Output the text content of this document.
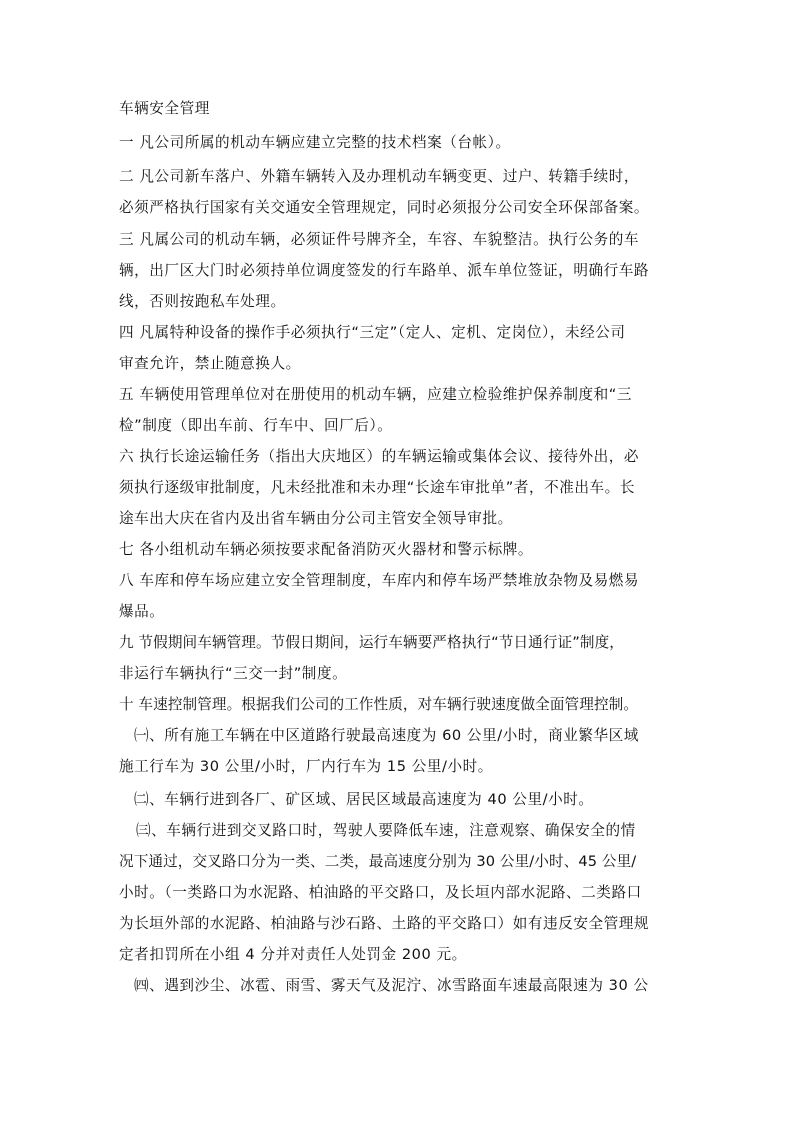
车辆安全管理
一 凡公司所属的机动车辆应建立完整的技术档案（台帐）。
二 凡公司新车落户、外籍车辆转入及办理机动车辆变更、过户、转籍手续时，
必须严格执行国家有关交通安全管理规定，同时必须报分公司安全环保部备案。
三 凡属公司的机动车辆，必须证件号牌齐全，车容、车貌整洁。执行公务的车
辆，出厂区大门时必须持单位调度签发的行车路单、派车单位签证，明确行车路
线，否则按跑私车处理。
四 凡属特种设备的操作手必须执行“三定”（定人、定机、定岗位），未经公司
审查允许，禁止随意换人。
五 车辆使用管理单位对在册使用的机动车辆，应建立检验维护保养制度和“三
检”制度（即出车前、行车中、回厂后）。
六 执行长途运输任务（指出大庆地区）的车辆运输或集体会议、接待外出，必
须执行逐级审批制度，凡未经批准和未办理“长途车审批单”者，不准出车。长
途车出大庆在省内及出省车辆由分公司主管安全领导审批。
七 各小组机动车辆必须按要求配备消防灭火器材和警示标牌。
八 车库和停车场应建立安全管理制度，车库内和停车场严禁堆放杂物及易燃易
爆品。
九 节假期间车辆管理。节假日期间，运行车辆要严格执行“节日通行证”制度，
非运行车辆执行“三交一封”制度。
十 车速控制管理。根据我们公司的工作性质，对车辆行驶速度做全面管理控制。
㈠、所有施工车辆在中区道路行驶最高速度为 60 公里/小时，商业繁华区域
施工行车为 30 公里/小时，厂内行车为 15 公里/小时。
㈡、车辆行进到各厂、矿区域、居民区域最高速度为 40 公里/小时。
㈢、车辆行进到交叉路口时，驾驶人要降低车速，注意观察、确保安全的情
况下通过，交叉路口分为一类、二类，最高速度分别为 30 公里/小时、45 公里/
小时。（一类路口为水泥路、柏油路的平交路口，及长垣内部水泥路、二类路口
为长垣外部的水泥路、柏油路与沙石路、土路的平交路口）如有违反安全管理规
定者扣罚所在小组 4 分并对责任人处罚金 200 元。
㈣、遇到沙尘、冰雹、雨雪、雾天气及泥泞、冰雪路面车速最高限速为 30 公
